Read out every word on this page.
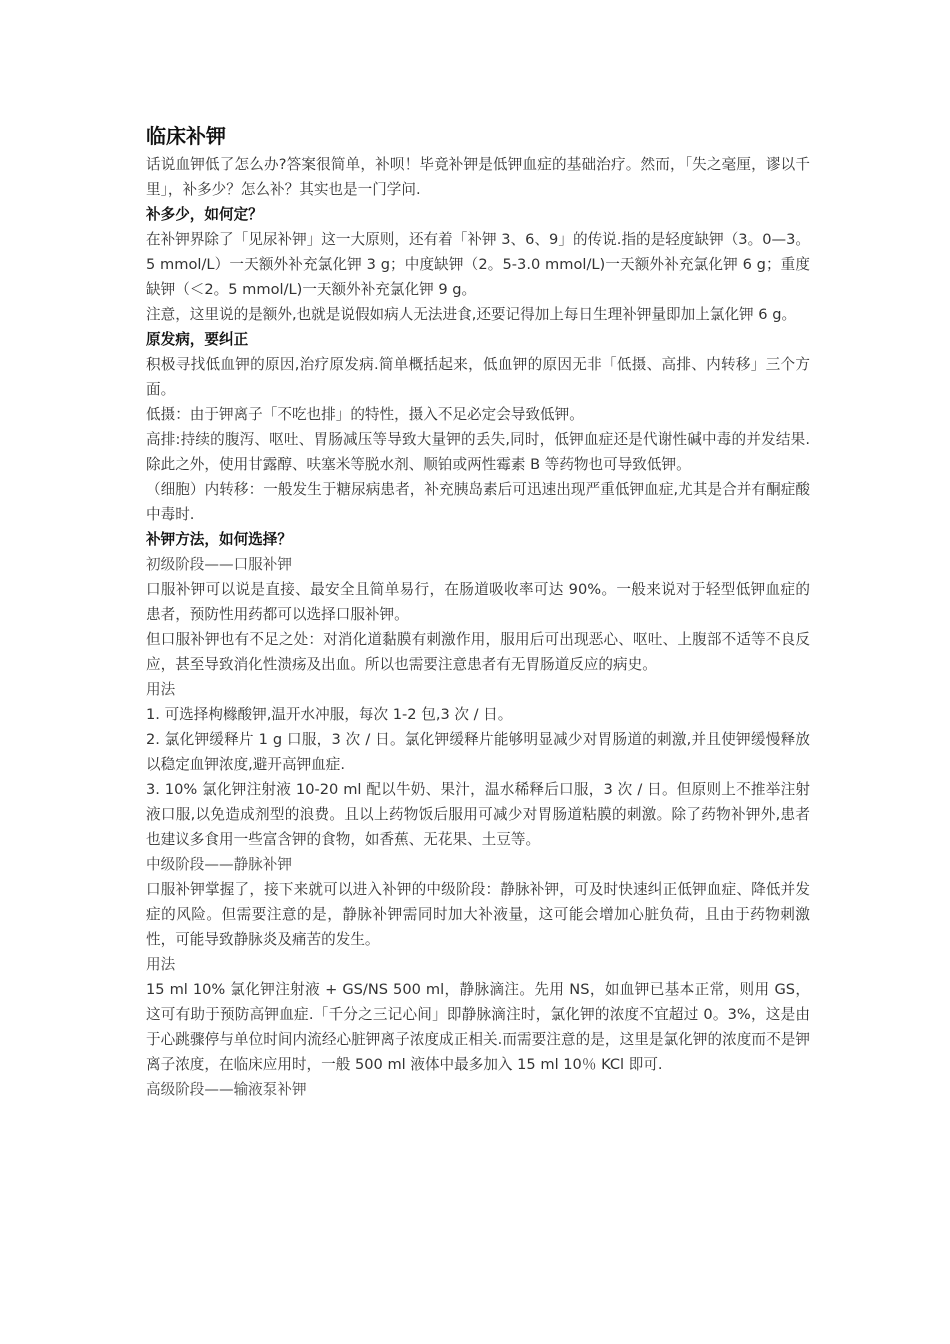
临床补钾

话说血钾低了怎么办?答案很简单，补呗！毕竟补钾是低钾血症的基础治疗。然而，「失之毫厘，谬以千里」，补多少？怎么补？其实也是一门学问.

补多少，如何定？

在补钾界除了「见尿补钾」这一大原则，还有着「补钾 3、6、9」的传说.指的是轻度缺钾（3。0—3。5 mmol/L）一天额外补充氯化钾 3 g；中度缺钾（2。5-3.0 mmol/L)一天额外补充氯化钾 6 g；重度缺钾（＜2。5 mmol/L)一天额外补充氯化钾 9 g。

注意，这里说的是额外,也就是说假如病人无法进食,还要记得加上每日生理补钾量即加上氯化钾 6 g。

原发病，要纠正

积极寻找低血钾的原因,治疗原发病.简单概括起来，低血钾的原因无非「低摄、高排、内转移」三个方面。

低摄：由于钾离子「不吃也排」的特性，摄入不足必定会导致低钾。

高排:持续的腹泻、呕吐、胃肠减压等导致大量钾的丢失,同时，低钾血症还是代谢性碱中毒的并发结果.除此之外，使用甘露醇、呋塞米等脱水剂、顺铂或两性霉素 B 等药物也可导致低钾。

（细胞）内转移：一般发生于糖尿病患者，补充胰岛素后可迅速出现严重低钾血症,尤其是合并有酮症酸中毒时.

补钾方法，如何选择？

初级阶段——口服补钾

口服补钾可以说是直接、最安全且简单易行，在肠道吸收率可达 90%。一般来说对于轻型低钾血症的患者，预防性用药都可以选择口服补钾。

但口服补钾也有不足之处：对消化道黏膜有刺激作用，服用后可出现恶心、呕吐、上腹部不适等不良反应，甚至导致消化性溃疡及出血。所以也需要注意患者有无胃肠道反应的病史。

用法

1. 可选择枸橼酸钾,温开水冲服，每次 1-2 包,3 次 / 日。

2. 氯化钾缓释片 1 g 口服，3 次 / 日。氯化钾缓释片能够明显减少对胃肠道的刺激,并且使钾缓慢释放以稳定血钾浓度,避开高钾血症.

3. 10% 氯化钾注射液 10-20 ml 配以牛奶、果汁，温水稀释后口服，3 次 / 日。但原则上不推举注射液口服,以免造成剂型的浪费。且以上药物饭后服用可减少对胃肠道粘膜的刺激。除了药物补钾外,患者也建议多食用一些富含钾的食物，如香蕉、无花果、土豆等。

中级阶段——静脉补钾

口服补钾掌握了，接下来就可以进入补钾的中级阶段：静脉补钾，可及时快速纠正低钾血症、降低并发症的风险。但需要注意的是，静脉补钾需同时加大补液量，这可能会增加心脏负荷，且由于药物刺激性，可能导致静脉炎及痛苦的发生。

用法

15 ml 10% 氯化钾注射液 + GS/NS 500 ml，静脉滴注。先用 NS，如血钾已基本正常，则用 GS，这可有助于预防高钾血症.「千分之三记心间」即静脉滴注时，氯化钾的浓度不宜超过 0。3%，这是由于心跳骤停与单位时间内流经心脏钾离子浓度成正相关.而需要注意的是，这里是氯化钾的浓度而不是钾离子浓度，在临床应用时，一般 500 ml 液体中最多加入 15 ml 10％ KCl 即可.

高级阶段——输液泵补钾
